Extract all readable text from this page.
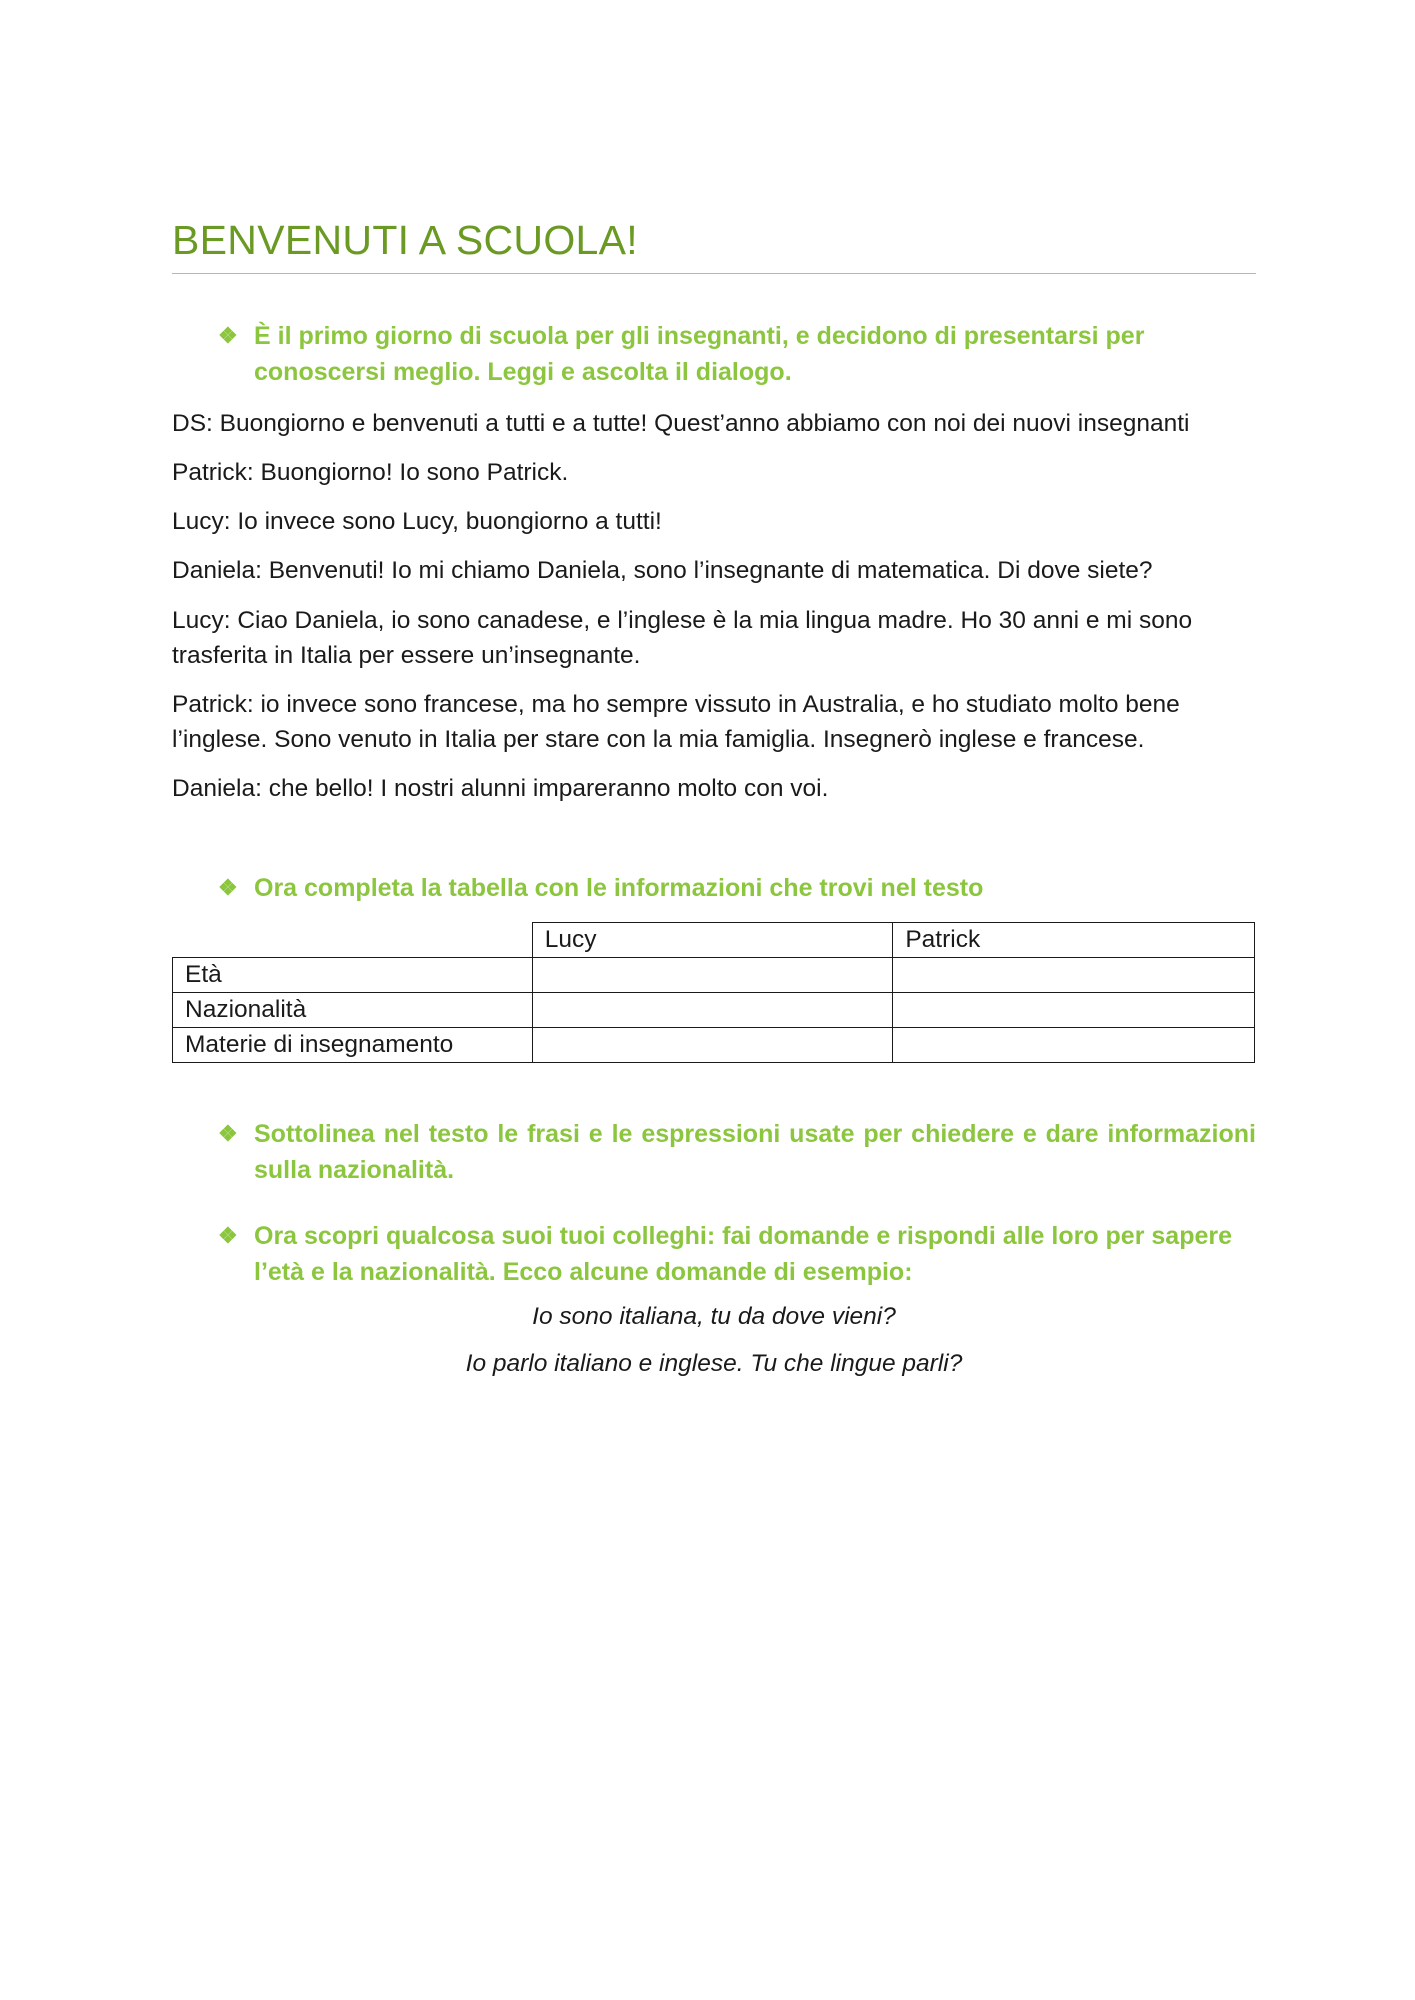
BENVENUTI A SCUOLA!
❖ È il primo giorno di scuola per gli insegnanti, e decidono di presentarsi per conoscersi meglio. Leggi e ascolta il dialogo.
DS: Buongiorno e benvenuti a tutti e a tutte! Quest’anno abbiamo con noi dei nuovi insegnanti
Patrick: Buongiorno! Io sono Patrick.
Lucy: Io invece sono Lucy, buongiorno a tutti!
Daniela: Benvenuti! Io mi chiamo Daniela, sono l’insegnante di matematica. Di dove siete?
Lucy: Ciao Daniela, io sono canadese, e l’inglese è la mia lingua madre. Ho 30 anni e mi sono trasferita in Italia per essere un’insegnante.
Patrick: io invece sono francese, ma ho sempre vissuto in Australia, e ho studiato molto bene l’inglese. Sono venuto in Italia per stare con la mia famiglia. Insegnerò inglese e francese.
Daniela: che bello! I nostri alunni impareranno molto con voi.
❖ Ora completa la tabella con le informazioni che trovi nel testo
	Lucy	Patrick
Età		
Nazionalità		
Materie di insegnamento		
❖ Sottolinea nel testo le frasi e le espressioni usate per chiedere e dare informazioni sulla nazionalità.
❖ Ora scopri qualcosa suoi tuoi colleghi: fai domande e rispondi alle loro per sapere l’età e la nazionalità. Ecco alcune domande di esempio:
Io sono italiana, tu da dove vieni?
Io parlo italiano e inglese. Tu che lingue parli?
